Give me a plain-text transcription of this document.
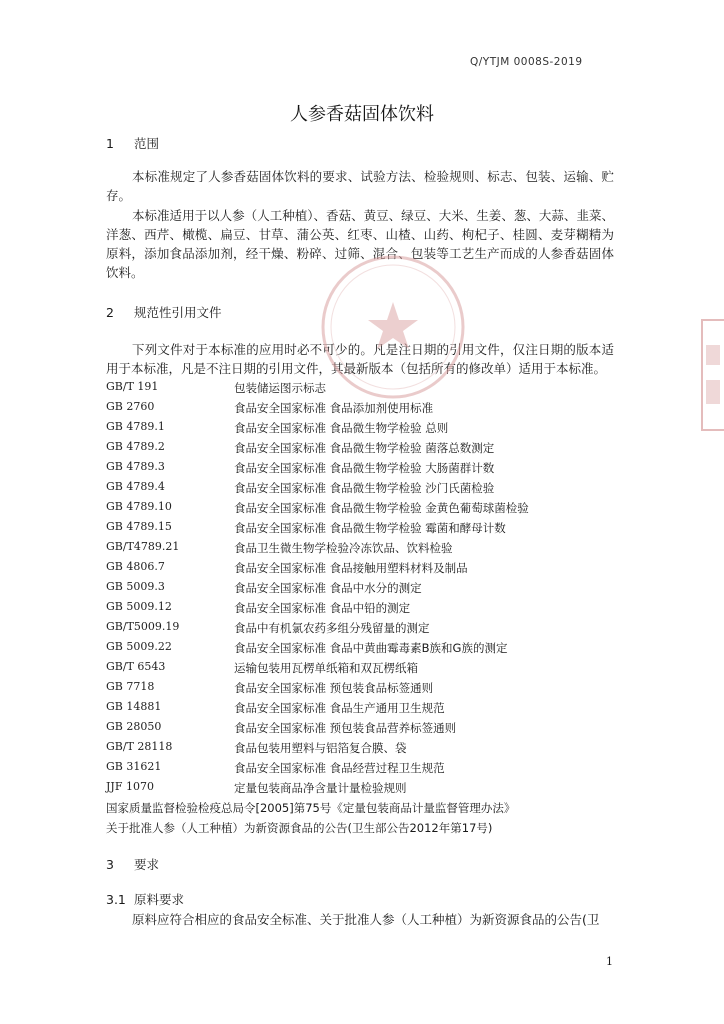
Q/YTJM 0008S-2019
人参香菇固体饮料
1 范围
本标准规定了人参香菇固体饮料的要求、试验方法、检验规则、标志、包装、运输、贮存。
本标准适用于以人参（人工种植）、香菇、黄豆、绿豆、大米、生姜、葱、大蒜、韭菜、洋葱、西芹、橄榄、扁豆、甘草、蒲公英、红枣、山楂、山药、枸杞子、桂圆、麦芽糊精为原料，添加食品添加剂，经干燥、粉碎、过筛、混合、包装等工艺生产而成的人参香菇固体饮料。
2 规范性引用文件
下列文件对于本标准的应用时必不可少的。凡是注日期的引用文件，仅注日期的版本适用于本标准，凡是不注日期的引用文件，其最新版本（包括所有的修改单）适用于本标准。
GB/T 191	包装储运图示标志
GB 2760	食品安全国家标准 食品添加剂使用标准
GB 4789.1	食品安全国家标准 食品微生物学检验 总则
GB 4789.2	食品安全国家标准 食品微生物学检验 菌落总数测定
GB 4789.3	食品安全国家标准 食品微生物学检验 大肠菌群计数
GB 4789.4	食品安全国家标准 食品微生物学检验 沙门氏菌检验
GB 4789.10	食品安全国家标准 食品微生物学检验 金黄色葡萄球菌检验
GB 4789.15	食品安全国家标准 食品微生物学检验 霉菌和酵母计数
GB/T4789.21	食品卫生微生物学检验冷冻饮品、饮料检验
GB 4806.7	食品安全国家标准 食品接触用塑料材料及制品
GB 5009.3	食品安全国家标准 食品中水分的测定
GB 5009.12	食品安全国家标准 食品中铅的测定
GB/T5009.19	食品中有机氯农药多组分残留量的测定
GB 5009.22	食品安全国家标准 食品中黄曲霉毒素B族和G族的测定
GB/T 6543	运输包装用瓦楞单纸箱和双瓦楞纸箱
GB 7718	食品安全国家标准 预包装食品标签通则
GB 14881	食品安全国家标准 食品生产通用卫生规范
GB 28050	食品安全国家标准 预包装食品营养标签通则
GB/T 28118	食品包装用塑料与铝箔复合膜、袋
GB 31621	食品安全国家标准 食品经营过程卫生规范
JJF 1070	定量包装商品净含量计量检验规则
国家质量监督检验检疫总局令[2005]第75号《定量包装商品计量监督管理办法》
关于批准人参（人工种植）为新资源食品的公告(卫生部公告2012年第17号)
3 要求
3.1 原料要求
原料应符合相应的食品安全标准、关于批准人参（人工种植）为新资源食品的公告(卫
1
